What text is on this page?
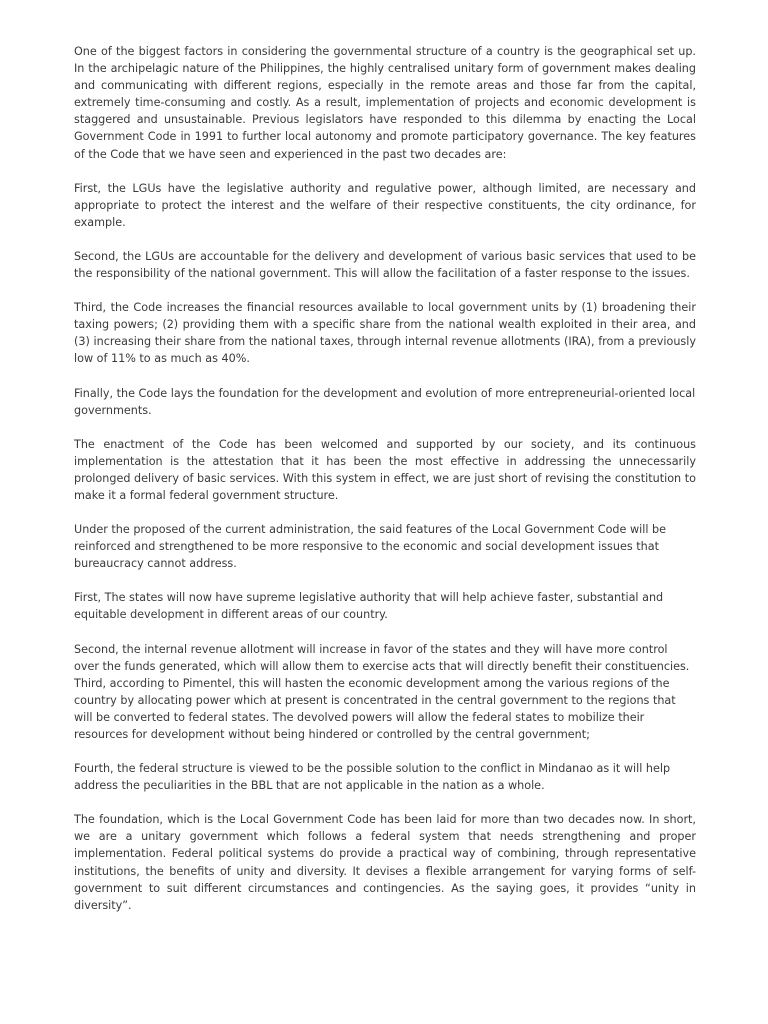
One of the biggest factors in considering the governmental structure of a country is the geographical set up. In the archipelagic nature of the Philippines, the highly centralised unitary form of government makes dealing and communicating with different regions, especially in the remote areas and those far from the capital, extremely time-consuming and costly. As a result, implementation of projects and economic development is staggered and unsustainable. Previous legislators have responded to this dilemma by enacting the Local Government Code in 1991 to further local autonomy and promote participatory governance. The key features of the Code that we have seen and experienced in the past two decades are:

First, the LGUs have the legislative authority and regulative power, although limited, are necessary and appropriate to protect the interest and the welfare of their respective constituents, the city ordinance, for example.

Second, the LGUs are accountable for the delivery and development of various basic services that used to be the responsibility of the national government. This will allow the facilitation of a faster response to the issues.

Third, the Code increases the financial resources available to local government units by (1) broadening their taxing powers; (2) providing them with a specific share from the national wealth exploited in their area, and (3) increasing their share from the national taxes, through internal revenue allotments (IRA), from a previously low of 11% to as much as 40%.

Finally, the Code lays the foundation for the development and evolution of more entrepreneurial-oriented local governments.

The enactment of the Code has been welcomed and supported by our society, and its continuous implementation is the attestation that it has been the most effective in addressing the unnecessarily prolonged delivery of basic services. With this system in effect, we are just short of revising the constitution to make it a formal federal government structure.

Under the proposed of the current administration, the said features of the Local Government Code will be reinforced and strengthened to be more responsive to the economic and social development issues that bureaucracy cannot address.

First, The states will now have supreme legislative authority that will help achieve faster, substantial and equitable development in different areas of our country.

Second, the internal revenue allotment will increase in favor of the states and they will have more control over the funds generated, which will allow them to exercise acts that will directly benefit their constituencies.

Third, according to Pimentel, this will hasten the economic development among the various regions of the country by allocating power which at present is concentrated in the central government to the regions that will be converted to federal states. The devolved powers will allow the federal states to mobilize their resources for development without being hindered or controlled by the central government;

Fourth, the federal structure is viewed to be the possible solution to the conflict in Mindanao as it will help address the peculiarities in the BBL that are not applicable in the nation as a whole.

The foundation, which is the Local Government Code has been laid for more than two decades now. In short, we are a unitary government which follows a federal system that needs strengthening and proper implementation. Federal political systems do provide a practical way of combining, through representative institutions, the benefits of unity and diversity. It devises a flexible arrangement for varying forms of self-government to suit different circumstances and contingencies. As the saying goes, it provides “unity in diversity”.
